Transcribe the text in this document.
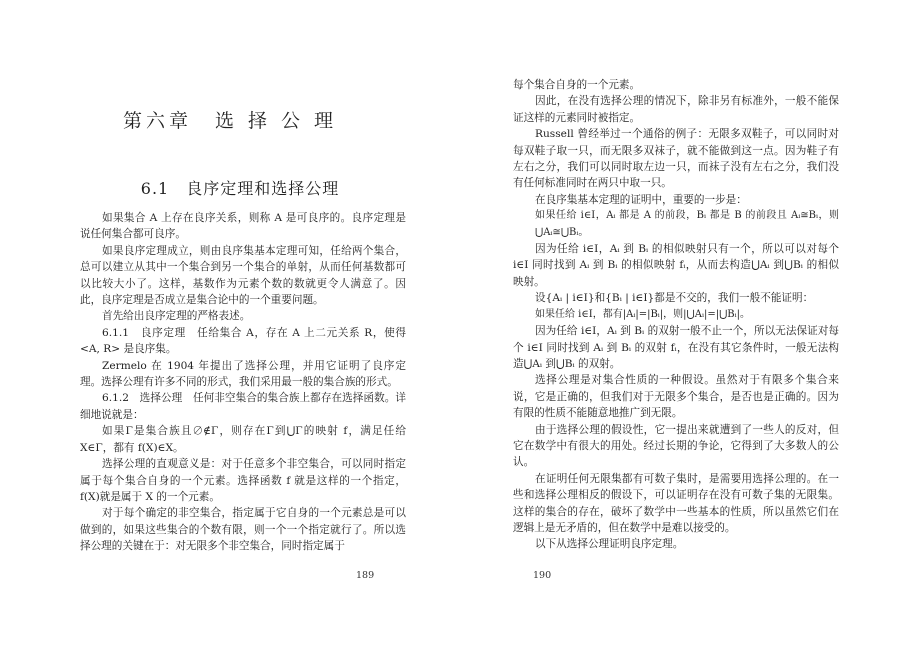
第六章　选 择 公 理
6.1　良序定理和选择公理

如果集合 A 上存在良序关系，则称 A 是可良序的。良序定理是说任何集合都可良序。

如果良序定理成立，则由良序集基本定理可知，任给两个集合，总可以建立从其中一个集合到另一个集合的单射，从而任何基数都可以比较大小了。这样，基数作为元素个数的数就更令人满意了。因此，良序定理是否成立是集合论中的一个重要问题。

首先给出良序定理的严格表述。

6.1.1　良序定理　任给集合 A，存在 A 上二元关系 R，使得 <A, R> 是良序集。

Zermelo 在 1904 年提出了选择公理，并用它证明了良序定理。选择公理有许多不同的形式，我们采用最一般的集合族的形式。

6.1.2　选择公理　任何非空集合的集合族上都存在选择函数。详细地说就是：

如果Γ是集合族且∅∉Γ，则存在Γ到⋃Γ的映射 f，满足任给 X∈Γ，都有 f(X)∈X。

选择公理的直观意义是：对于任意多个非空集合，可以同时指定属于每个集合自身的一个元素。选择函数 f 就是这样的一个指定，f(X)就是属于 X 的一个元素。

对于每个确定的非空集合，指定属于它自身的一个元素总是可以做到的，如果这些集合的个数有限，则一个一个指定就行了。所以选择公理的关键在于：对无限多个非空集合，同时指定属于

189

每个集合自身的一个元素。

因此，在没有选择公理的情况下，除非另有标准外，一般不能保证这样的元素同时被指定。

Russell 曾经举过一个通俗的例子：无限多双鞋子，可以同时对每双鞋子取一只，而无限多双袜子，就不能做到这一点。因为鞋子有左右之分，我们可以同时取左边一只，而袜子没有左右之分，我们没有任何标准同时在两只中取一只。

在良序集基本定理的证明中，重要的一步是：

如果任给 i∈I，Aᵢ 都是 A 的前段，Bᵢ 都是 B 的前段且 Aᵢ≅Bᵢ，则⋃Aᵢ≅⋃Bᵢ。

因为任给 i∈I，Aᵢ 到 Bᵢ 的相似映射只有一个，所以可以对每个 i∈I 同时找到 Aᵢ 到 Bᵢ 的相似映射 fᵢ，从而去构造⋃Aᵢ 到⋃Bᵢ 的相似映射。

设{Aᵢ | i∈I}和{Bᵢ | i∈I}都是不交的，我们一般不能证明：

如果任给 i∈I，都有|Aᵢ|=|Bᵢ|，则|⋃Aᵢ|=|⋃Bᵢ|。

因为任给 i∈I，Aᵢ 到 Bᵢ 的双射一般不止一个，所以无法保证对每个 i∈I 同时找到 Aᵢ 到 Bᵢ 的双射 fᵢ，在没有其它条件时，一般无法构造⋃Aᵢ 到⋃Bᵢ 的双射。

选择公理是对集合性质的一种假设。虽然对于有限多个集合来说，它是正确的，但我们对于无限多个集合，是否也是正确的。因为有限的性质不能随意地推广到无限。

由于选择公理的假设性，它一提出来就遭到了一些人的反对，但它在数学中有很大的用处。经过长期的争论，它得到了大多数人的公认。

在证明任何无限集都有可数子集时，是需要用选择公理的。在一些和选择公理相反的假设下，可以证明存在没有可数子集的无限集。这样的集合的存在，破坏了数学中一些基本的性质，所以虽然它们在逻辑上是无矛盾的，但在数学中是难以接受的。

以下从选择公理证明良序定理。

190
